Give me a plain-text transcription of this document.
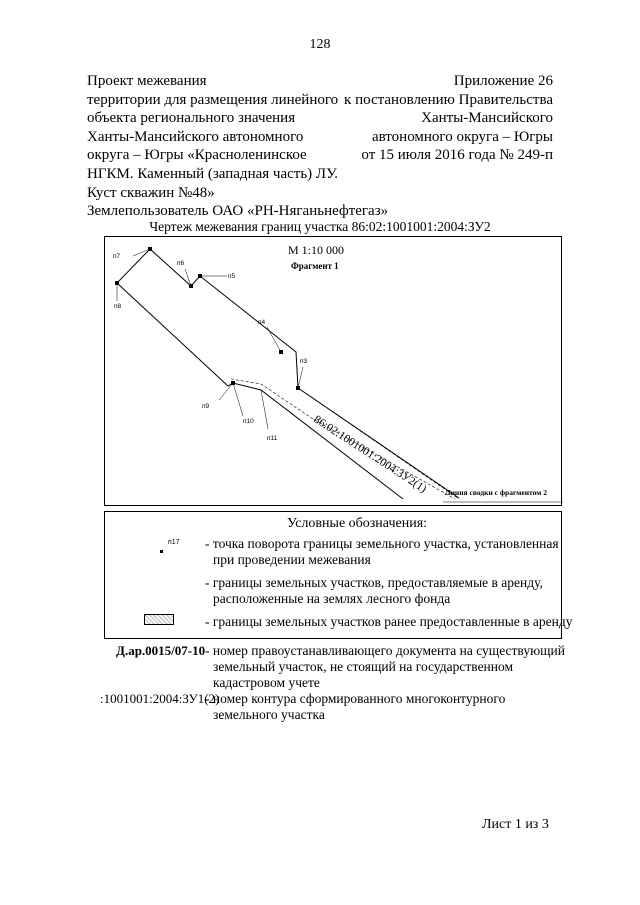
128
Проект межевания
территории для размещения линейного
объекта регионального значения
Ханты-Мансийского автономного
округа – Югры «Красноленинское
НГКМ. Каменный (западная часть) ЛУ.
Куст скважин №48»
Землепользователь ОАО «РН-Няганьнефтегаз»
Приложение 26
к постановлению Правительства
Ханты-Мансийского
автономного округа – Югры
от 15 июля 2016 года № 249-п
Чертеж межевания границ участка 86:02:1001001:2004:ЗУ2
п7
п6
п5
п8
п4
п3
п9
п10
п11
М 1:10 000
Фрагмент 1
86:02:1001001:2004:ЗУ2(1) Линия сводки с фрагментом 2
Условные обозначения:
п17 - точка поворота границы земельного участка, установленная
при проведении межевания
- границы земельных участков, предоставляемые в аренду,
расположенные на землях лесного фонда
- границы земельных участков ранее предоставленные в аренду
Д.ар.0015/07-10 - номер правоустанавливающего документа на существующий
земельный участок, не стоящий на государственном
кадастровом учете
:1001001:2004:ЗУ1(2)
- номер контура сформированного многоконтурного
земельного участка
Лист 1 из 3
